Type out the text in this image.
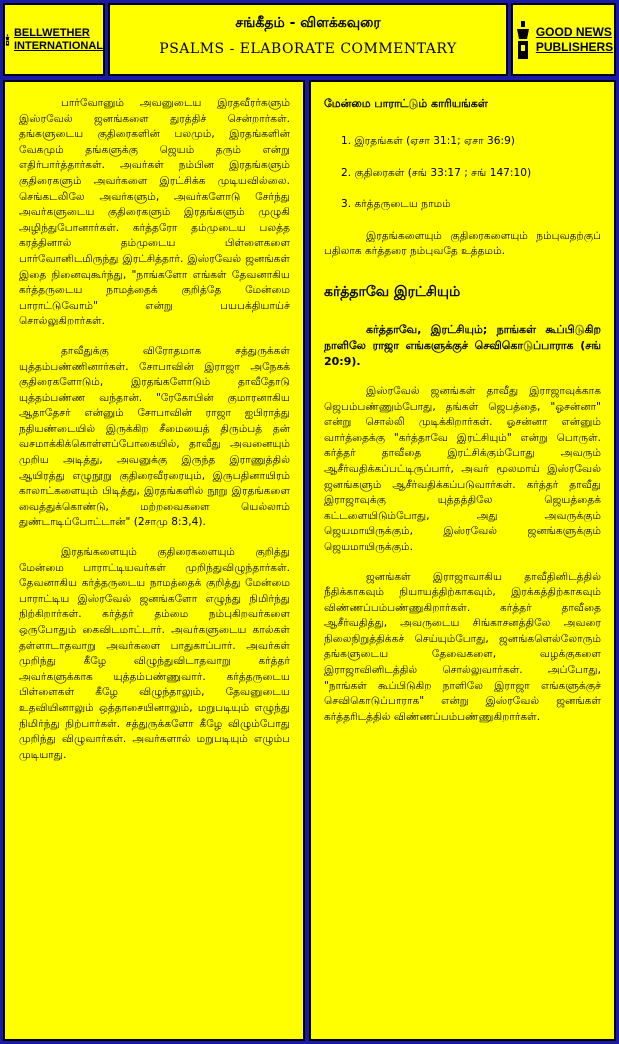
BELLWETHER
INTERNATIONAL
சங்கீதம் - விளக்கவுரை
PSALMS - ELABORATE COMMENTARY
GOOD NEWS
PUBLISHERS

பார்வோனும் அவனுடைய இரதவீரர்களும் இஸ்ரவேல் ஜனங்களை துரத்திச் சென்றார்கள். தங்களுடைய குதிரைகளின் பலமும், இரதங்களின் வேகமும் தங்களுக்கு ஜெயம் தரும் என்று எதிர்பார்த்தார்கள். அவர்கள் நம்பின இரதங்களும் குதிரைகளும் அவர்களை இரட்சிக்க முடியவில்லை. செங்கடலிலே அவர்களும், அவர்களோடு சேர்ந்து அவர்களுடைய குதிரைகளும் இரதங்களும் முழுகி அழிந்துபோனார்கள். கர்த்தரோ தம்முடைய பலத்த கரத்தினால் தம்முடைய பிள்ளைகளை பார்வோனிடமிருந்து இரட்சித்தார். இஸ்ரவேல் ஜனங்கள் இதை நினைவுகூர்ந்து, "நாங்களோ எங்கள் தேவனாகிய கர்த்தருடைய நாமத்தைக் குறித்தே மேன்மை பாராட்டுவோம்" என்று பயபக்தியாய்ச் சொல்லுகிறார்கள்.

தாவீதுக்கு விரோதமாக சத்துருக்கள் யுத்தம்பண்ணினார்கள். சோபாவின் இராஜா அநேகக் குதிரைகளோடும், இரதங்களோடும் தாவீதோடு யுத்தம்பண்ண வந்தான். "ரேகோபின் குமாரனாகிய ஆதாதேசர் என்னும் சோபாவின் ராஜா ஐபிராத்து நதியண்டையில் இருக்கிற சீமையைத் திரும்பத் தன் வசமாக்கிக்கொள்ளப்போகையில், தாவீது அவனையும் முறிய அடித்து, அவனுக்கு இருந்த இராணுத்தில் ஆயிரத்து எழுநூறு குதிரைவீரரையும், இருபதினாயிரம் காலாட்களையும் பிடித்து, இரதங்களில் நூறு இரதங்களை வைத்துக்கொண்டு, மற்றவைகளை யெல்லாம் துண்டாடிப்போட்டான்" (2சாமு 8:3,4).

இரதங்களையும் குதிரைகளையும் குறித்து மேன்மை பாராட்டியவர்கள் முறிந்துவிழுந்தார்கள். தேவனாகிய கர்த்தருடைய நாமத்தைக் குறித்து மேன்மை பாராட்டிய இஸ்ரவேல் ஜனங்களோ எழுந்து நிமிர்ந்து நிற்கிறார்கள். கர்த்தர் தம்மை நம்புகிறவர்களை ஒருபோதும் கைவிடமாட்டார். அவர்களுடைய கால்கள் தள்ளாடாதவாறு அவர்களை பாதுகாப்பார். அவர்கள் முறிந்து கீழே விழுந்துவிடாதவாறு கர்த்தர் அவர்களுக்காக யுத்தம்பண்ணுவார். கர்த்தருடைய பிள்ளைகள் கீழே விழுந்தாலும், தேவனுடைய உதவியினாலும் ஒத்தாசையினாலும், மறுபடியும் எழுந்து நிமிர்ந்து நிற்பார்கள். சத்துருக்களோ கீழே விழும்போது முறிந்து விழுவார்கள். அவர்களால் மறுபடியும் எழும்ப முடியாது.

மேன்மை பாராட்டும் காரியங்கள்
1. இரதங்கள் (ஏசா 31:1; ஏசா 36:9)
2. குதிரைகள் (சங் 33:17 ; சங் 147:10)
3. கர்த்தருடைய நாமம்

இரதங்களையும் குதிரைகளையும் நம்புவதற்குப் பதிலாக கர்த்தரை நம்புவதே உத்தமம்.

கர்த்தாவே இரட்சியும்

கர்த்தாவே, இரட்சியும்; நாங்கள் கூப்பிடுகிற நாளிலே ராஜா எங்களுக்குச் செவிகொடுப்பாராக (சங் 20:9).

இஸ்ரவேல் ஜனங்கள் தாவீது இராஜாவுக்காக ஜெபம்பண்ணும்போது, தங்கள் ஜெபத்தை, "ஓசன்னா" என்று சொல்லி முடிக்கிறார்கள். ஓசன்னா என்னும் வார்த்தைக்கு "கர்த்தாவே இரட்சியும்" என்று பொருள். கர்த்தர் தாவீதை இரட்சிக்கும்போது அவரும் ஆசீர்வதிக்கப்பட்டிருப்பார், அவர் மூலமாய் இஸ்ரவேல் ஜனங்களும் ஆசீர்வதிக்கப்படுவார்கள். கர்த்தர் தாவீது இராஜாவுக்கு யுத்தத்திலே ஜெயத்தைக் கட்டளையிடும்போது, அது அவருக்கும் ஜெயமாயிருக்கும், இஸ்ரவேல் ஜனங்களுக்கும் ஜெயமாயிருக்கும்.

ஜனங்கள் இராஜாவாகிய தாவீதினிடத்தில் நீதிக்காகவும் நியாயத்திற்காகவும், இரக்கத்திற்காகவும் விண்ணப்பம்பண்ணுகிறார்கள். கர்த்தர் தாவீதை ஆசீர்வதித்து, அவருடைய சிங்காசனத்திலே அவரை நிலைநிறுத்திக்கச் செய்யும்போது, ஜனங்களெல்லோரும் தங்களுடைய தேவைகளை, வழக்குகளை இராஜாவினிடத்தில் சொல்லுவார்கள். அப்போது, "நாங்கள் கூப்பிடுகிற நாளிலே இராஜா எங்களுக்குச் செவிகொடுப்பாராக" என்று இஸ்ரவேல் ஜனங்கள் கர்த்தரிடத்தில் விண்ணப்பம்பண்ணுகிறார்கள்.
